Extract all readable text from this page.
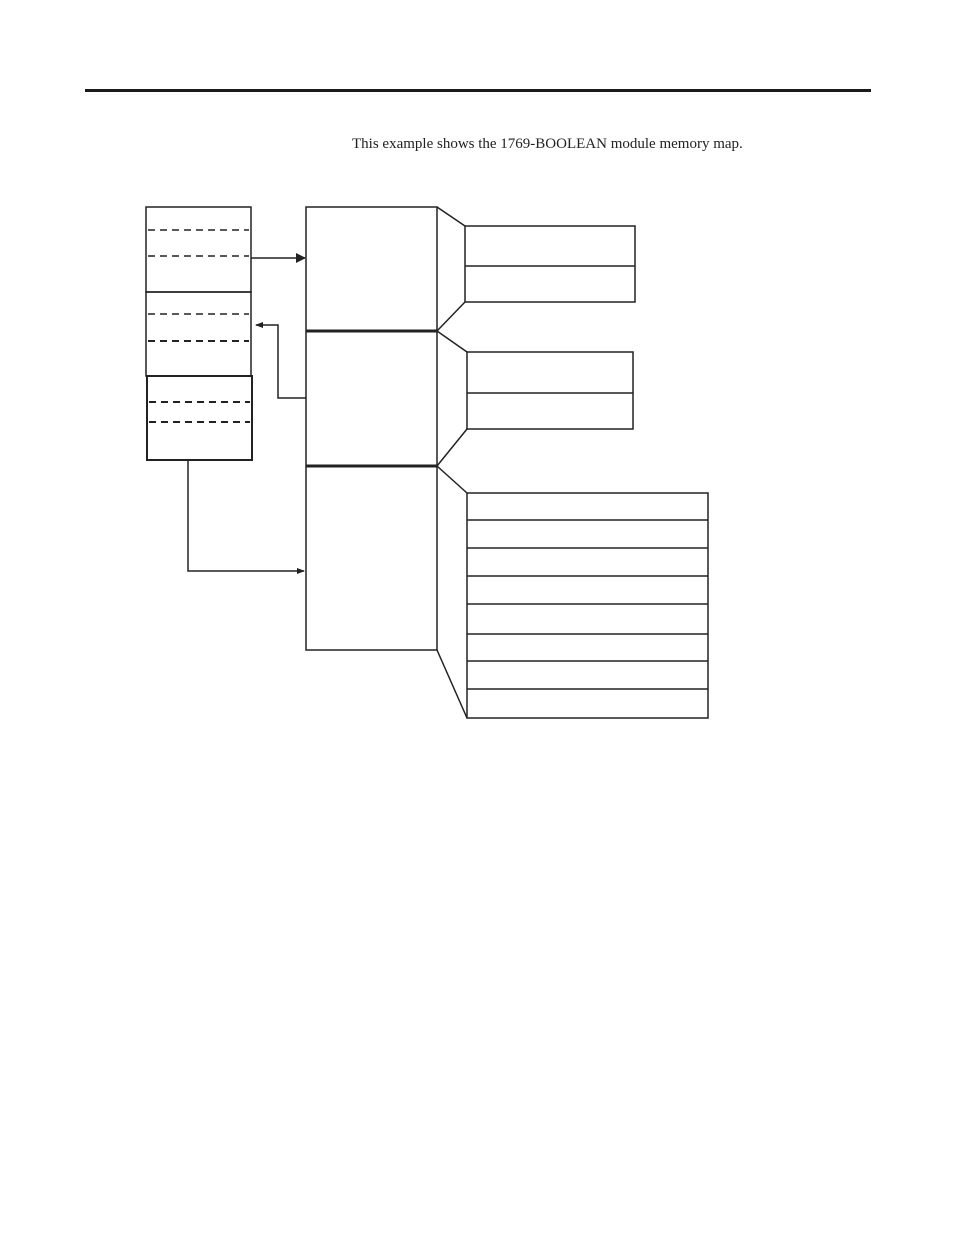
This example shows the 1769-BOOLEAN module memory map.
